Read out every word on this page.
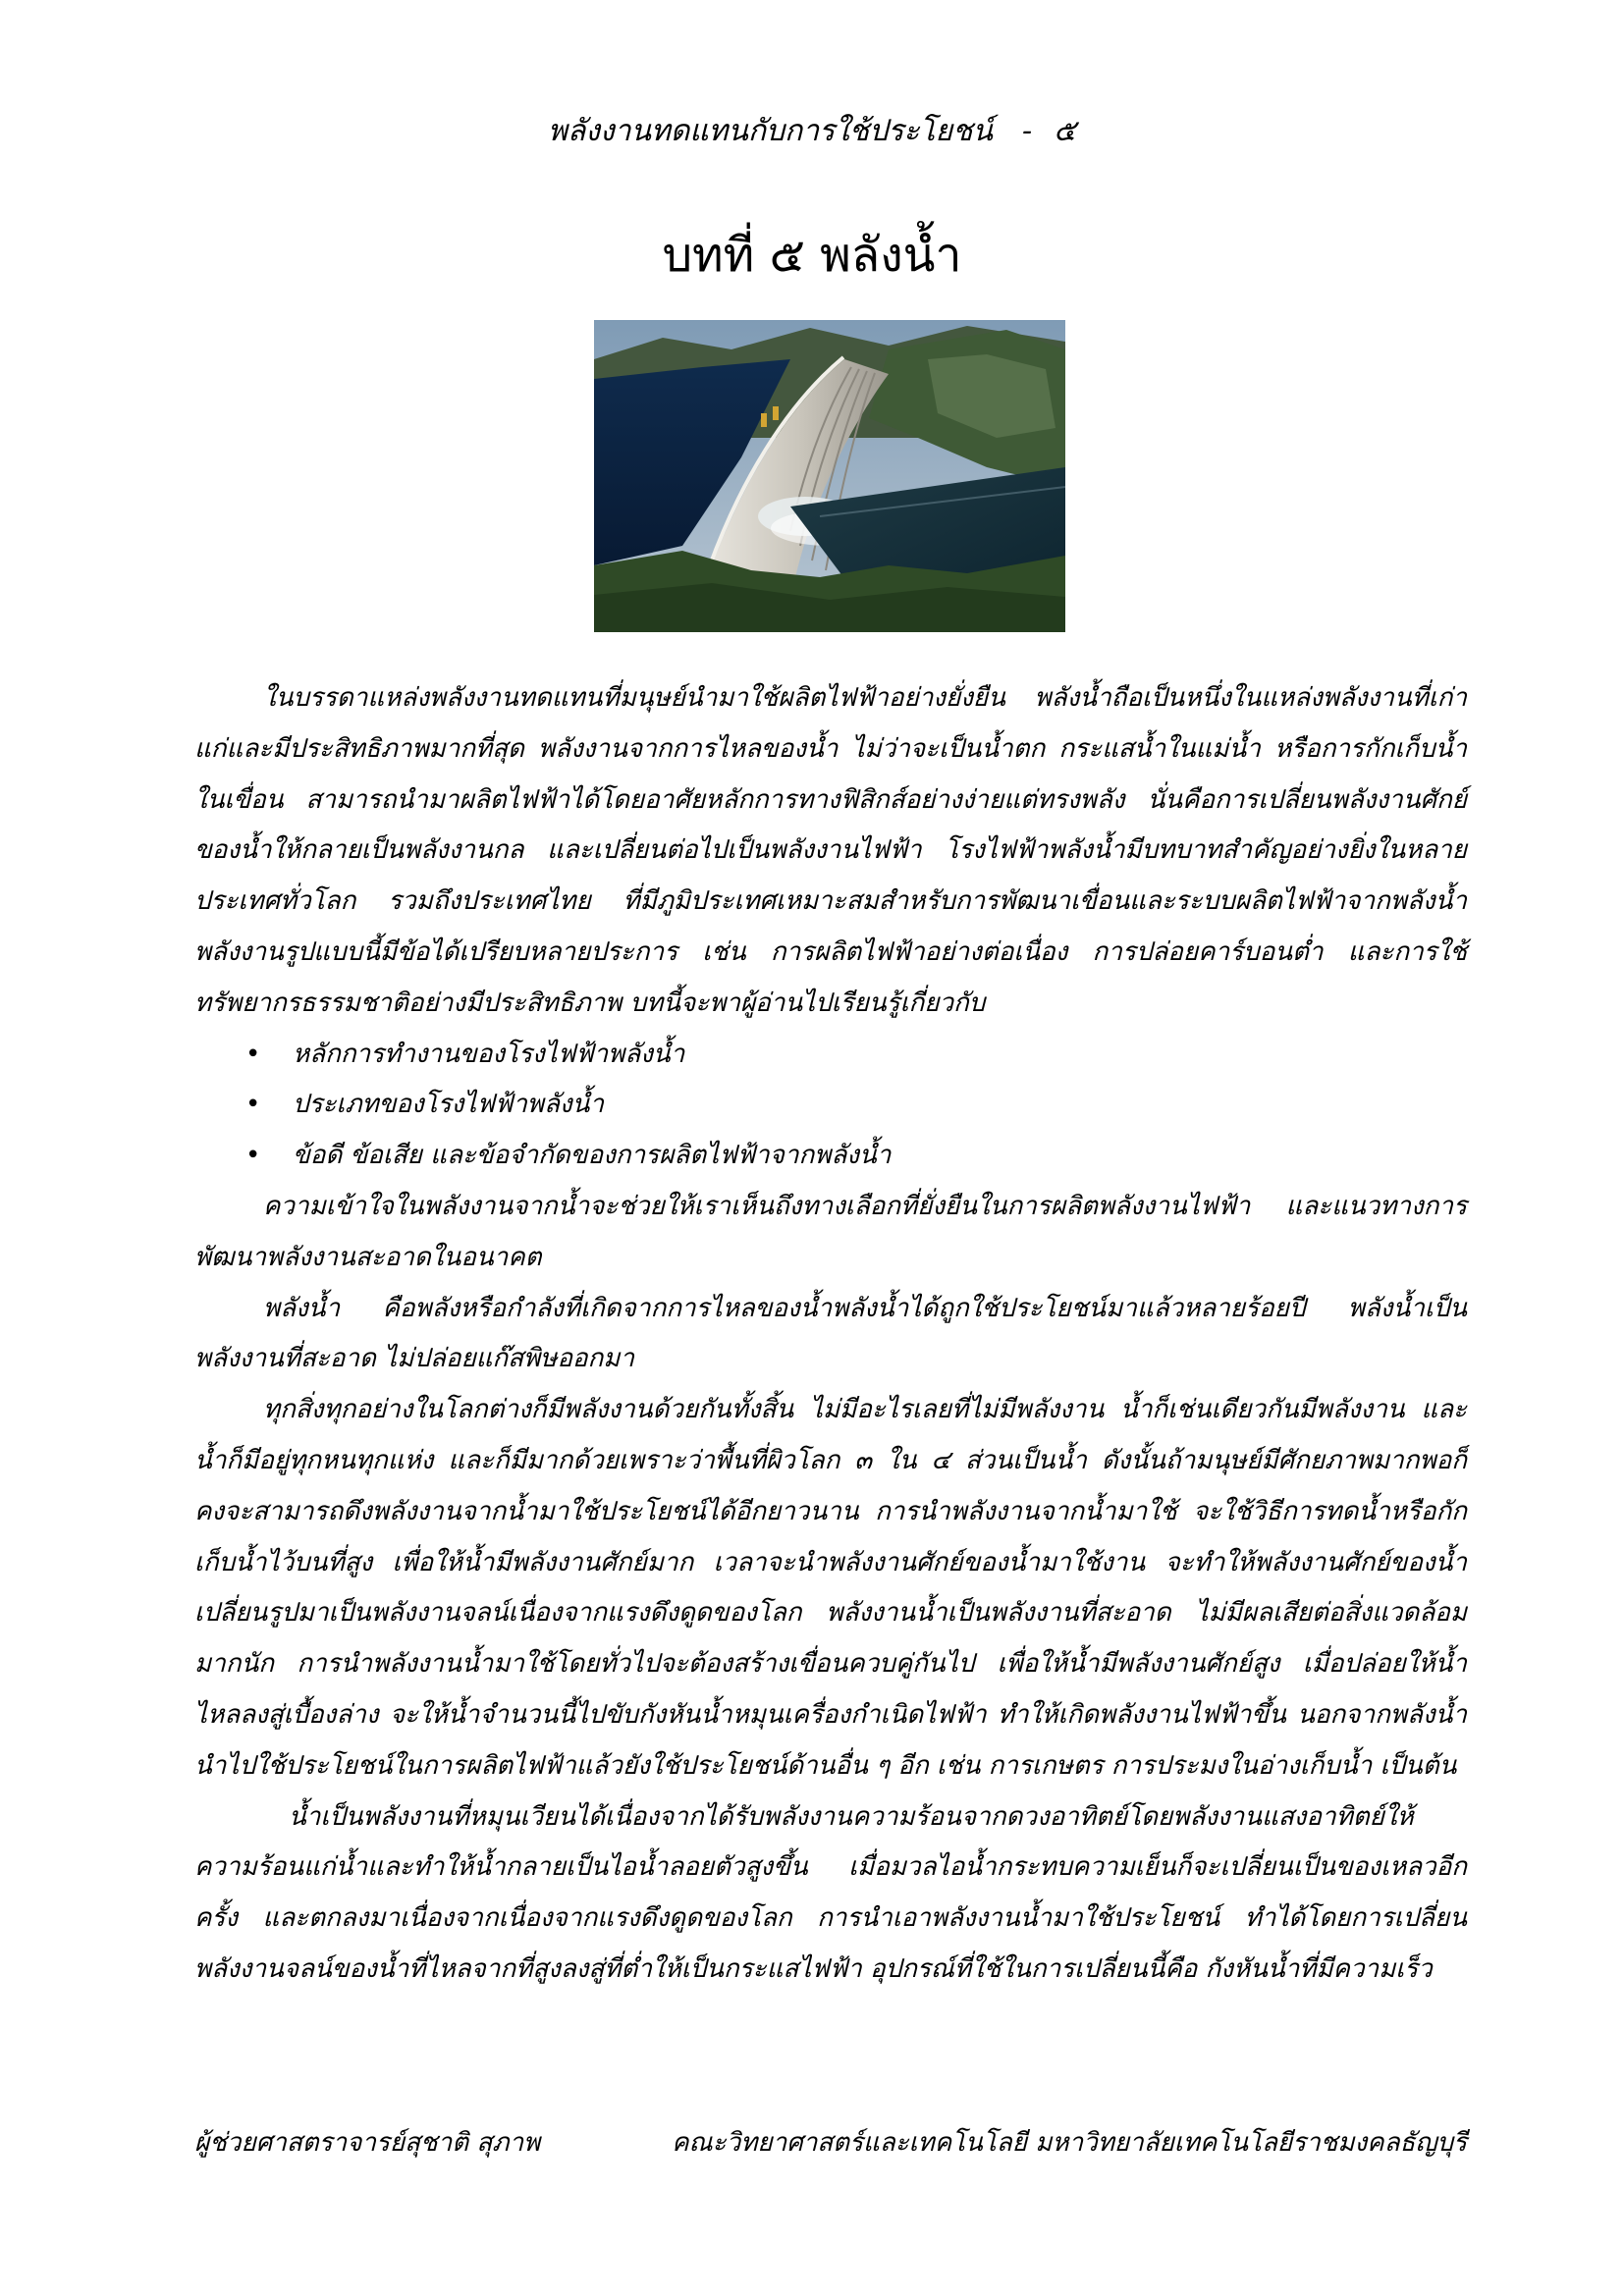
พลังงานทดแทนกับการใช้ประโยชน์ - ๕
บทที่ ๕ พลังน้ำ

ในบรรดาแหล่งพลังงานทดแทนที่มนุษย์นำมาใช้ผลิตไฟฟ้าอย่างยั่งยืน พลังน้ำถือเป็นหนึ่งในแหล่งพลังงานที่เก่าแก่และมีประสิทธิภาพมากที่สุด พลังงานจากการไหลของน้ำ ไม่ว่าจะเป็นน้ำตก กระแสน้ำในแม่น้ำ หรือการกักเก็บน้ำในเขื่อน สามารถนำมาผลิตไฟฟ้าได้โดยอาศัยหลักการทางฟิสิกส์อย่างง่ายแต่ทรงพลัง นั่นคือการเปลี่ยนพลังงานศักย์ของน้ำให้กลายเป็นพลังงานกล และเปลี่ยนต่อไปเป็นพลังงานไฟฟ้า โรงไฟฟ้าพลังน้ำมีบทบาทสำคัญอย่างยิ่งในหลายประเทศทั่วโลก รวมถึงประเทศไทย ที่มีภูมิประเทศเหมาะสมสำหรับการพัฒนาเขื่อนและระบบผลิตไฟฟ้าจากพลังน้ำ พลังงานรูปแบบนี้มีข้อได้เปรียบหลายประการ เช่น การผลิตไฟฟ้าอย่างต่อเนื่อง การปล่อยคาร์บอนต่ำ และการใช้ทรัพยากรธรรมชาติอย่างมีประสิทธิภาพ บทนี้จะพาผู้อ่านไปเรียนรู้เกี่ยวกับ

• หลักการทำงานของโรงไฟฟ้าพลังน้ำ
• ประเภทของโรงไฟฟ้าพลังน้ำ
• ข้อดี ข้อเสีย และข้อจำกัดของการผลิตไฟฟ้าจากพลังน้ำ

ความเข้าใจในพลังงานจากน้ำจะช่วยให้เราเห็นถึงทางเลือกที่ยั่งยืนในการผลิตพลังงานไฟฟ้า และแนวทางการพัฒนาพลังงานสะอาดในอนาคต

พลังน้ำ คือพลังหรือกำลังที่เกิดจากการไหลของน้ำพลังน้ำได้ถูกใช้ประโยชน์มาแล้วหลายร้อยปี พลังน้ำเป็นพลังงานที่สะอาด ไม่ปล่อยแก๊สพิษออกมา

ทุกสิ่งทุกอย่างในโลกต่างก็มีพลังงานด้วยกันทั้งสิ้น ไม่มีอะไรเลยที่ไม่มีพลังงาน น้ำก็เช่นเดียวกันมีพลังงาน และน้ำก็มีอยู่ทุกหนทุกแห่ง และก็มีมากด้วยเพราะว่าพื้นที่ผิวโลก ๓ ใน ๔ ส่วนเป็นน้ำ ดังนั้นถ้ามนุษย์มีศักยภาพมากพอก็คงจะสามารถดึงพลังงานจากน้ำมาใช้ประโยชน์ได้อีกยาวนาน การนำพลังงานจากน้ำมาใช้ จะใช้วิธีการทดน้ำหรือกักเก็บน้ำไว้บนที่สูง เพื่อให้น้ำมีพลังงานศักย์มาก เวลาจะนำพลังงานศักย์ของน้ำมาใช้งาน จะทำให้พลังงานศักย์ของน้ำเปลี่ยนรูปมาเป็นพลังงานจลน์เนื่องจากแรงดึงดูดของโลก พลังงานน้ำเป็นพลังงานที่สะอาด ไม่มีผลเสียต่อสิ่งแวดล้อมมากนัก การนำพลังงานน้ำมาใช้โดยทั่วไปจะต้องสร้างเขื่อนควบคู่กันไป เพื่อให้น้ำมีพลังงานศักย์สูง เมื่อปล่อยให้น้ำไหลลงสู่เบื้องล่าง จะให้น้ำจำนวนนี้ไปขับกังหันน้ำหมุนเครื่องกำเนิดไฟฟ้า ทำให้เกิดพลังงานไฟฟ้าขึ้น นอกจากพลังน้ำนำไปใช้ประโยชน์ในการผลิตไฟฟ้าแล้วยังใช้ประโยชน์ด้านอื่น ๆ อีก เช่น การเกษตร การประมงในอ่างเก็บน้ำ เป็นต้น

น้ำเป็นพลังงานที่หมุนเวียนได้เนื่องจากได้รับพลังงานความร้อนจากดวงอาทิตย์โดยพลังงานแสงอาทิตย์ให้ความร้อนแก่น้ำและทำให้น้ำกลายเป็นไอน้ำลอยตัวสูงขึ้น เมื่อมวลไอน้ำกระทบความเย็นก็จะเปลี่ยนเป็นของเหลวอีกครั้ง และตกลงมาเนื่องจากเนื่องจากแรงดึงดูดของโลก การนำเอาพลังงานน้ำมาใช้ประโยชน์ ทำได้โดยการเปลี่ยนพลังงานจลน์ของน้ำที่ไหลจากที่สูงลงสู่ที่ต่ำให้เป็นกระแสไฟฟ้า อุปกรณ์ที่ใช้ในการเปลี่ยนนี้คือ กังหันน้ำที่มีความเร็ว

ผู้ช่วยศาสตราจารย์สุชาติ สุภาพ	คณะวิทยาศาสตร์และเทคโนโลยี มหาวิทยาลัยเทคโนโลยีราชมงคลธัญบุรี
